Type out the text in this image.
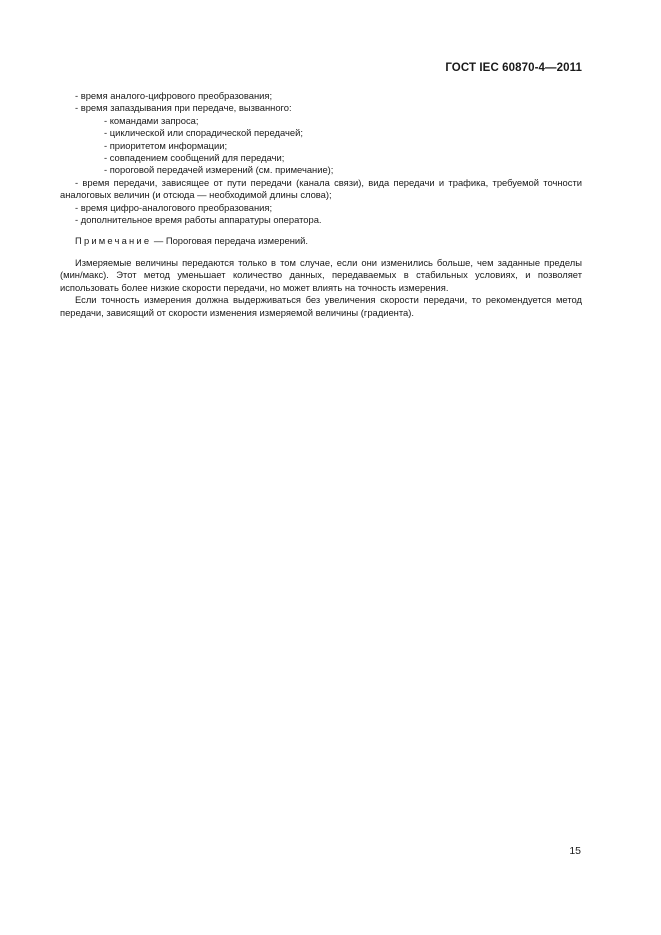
ГОСТ IEC 60870-4—2011

- время аналого-цифрового преобразования;

- время запаздывания при передаче, вызванного:

- командами запроса;

- циклической или спорадической передачей;

- приоритетом информации;

- совпадением сообщений для передачи;

- пороговой передачей измерений (см. примечание);

- время передачи, зависящее от пути передачи (канала связи), вида передачи и трафика, требуемой точности аналоговых величин (и отсюда — необходимой длины слова);

- время цифро-аналогового преобразования;

- дополнительное время работы аппаратуры оператора.

Примечание — Пороговая передача измерений.

Измеряемые величины передаются только в том случае, если они изменились больше, чем заданные пределы (мин/макс). Этот метод уменьшает количество данных, передаваемых в стабильных условиях, и позволяет использовать более низкие скорости передачи, но может влиять на точность измерения.

Если точность измерения должна выдерживаться без увеличения скорости передачи, то рекомендуется метод передачи, зависящий от скорости изменения измеряемой величины (градиента).

15
